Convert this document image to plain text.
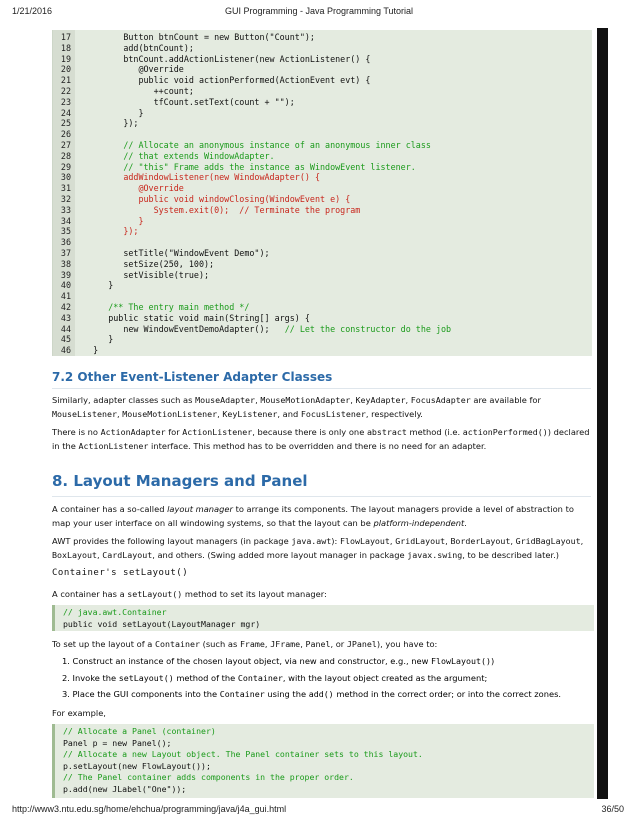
1/21/2016	GUI Programming - Java Programming Tutorial
17 Button btnCount = new Button("Count");
18 add(btnCount);
19 btnCount.addActionListener(new ActionListener() {
20 @Override
21 public void actionPerformed(ActionEvent evt) {
22 ++count;
23 tfCount.setText(count + "");
24 }
25 });
26
27 // Allocate an anonymous instance of an anonymous inner class
28 // that extends WindowAdapter.
29 // "this" Frame adds the instance as WindowEvent listener.
30 addWindowListener(new WindowAdapter() {
31 @Override
32 public void windowClosing(WindowEvent e) {
33 System.exit(0);  // Terminate the program
34 }
35 });
36
37 setTitle("WindowEvent Demo");
38 setSize(250, 100);
39 setVisible(true);
40 }
41
42 /** The entry main method */
43 public static void main(String[] args) {
44 new WindowEventDemoAdapter();   // Let the constructor do the job
45 }
46 }
7.2 Other Event-Listener Adapter Classes
Similarly, adapter classes such as MouseAdapter, MouseMotionAdapter, KeyAdapter, FocusAdapter are available for MouseListener, MouseMotionListener, KeyListener, and FocusListener, respectively.
There is no ActionAdapter for ActionListener, because there is only one abstract method (i.e. actionPerformed()) declared in the ActionListener interface. This method has to be overridden and there is no need for an adapter.
8. Layout Managers and Panel
A container has a so-called layout manager to arrange its components. The layout managers provide a level of abstraction to map your user interface on all windowing systems, so that the layout can be platform-independent.
AWT provides the following layout managers (in package java.awt): FlowLayout, GridLayout, BorderLayout, GridBagLayout, BoxLayout, CardLayout, and others. (Swing added more layout manager in package javax.swing, to be described later.)
Container's setLayout()
A container has a setLayout() method to set its layout manager:
// java.awt.Container
public void setLayout(LayoutManager mgr)
To set up the layout of a Container (such as Frame, JFrame, Panel, or JPanel), you have to:
1. Construct an instance of the chosen layout object, via new and constructor, e.g., new FlowLayout())
2. Invoke the setLayout() method of the Container, with the layout object created as the argument;
3. Place the GUI components into the Container using the add() method in the correct order; or into the correct zones.
For example,
// Allocate a Panel (container)
Panel p = new Panel();
// Allocate a new Layout object. The Panel container sets to this layout.
p.setLayout(new FlowLayout());
// The Panel container adds components in the proper order.
p.add(new JLabel("One"));
http://www3.ntu.edu.sg/home/ehchua/programming/java/j4a_gui.html	36/50
